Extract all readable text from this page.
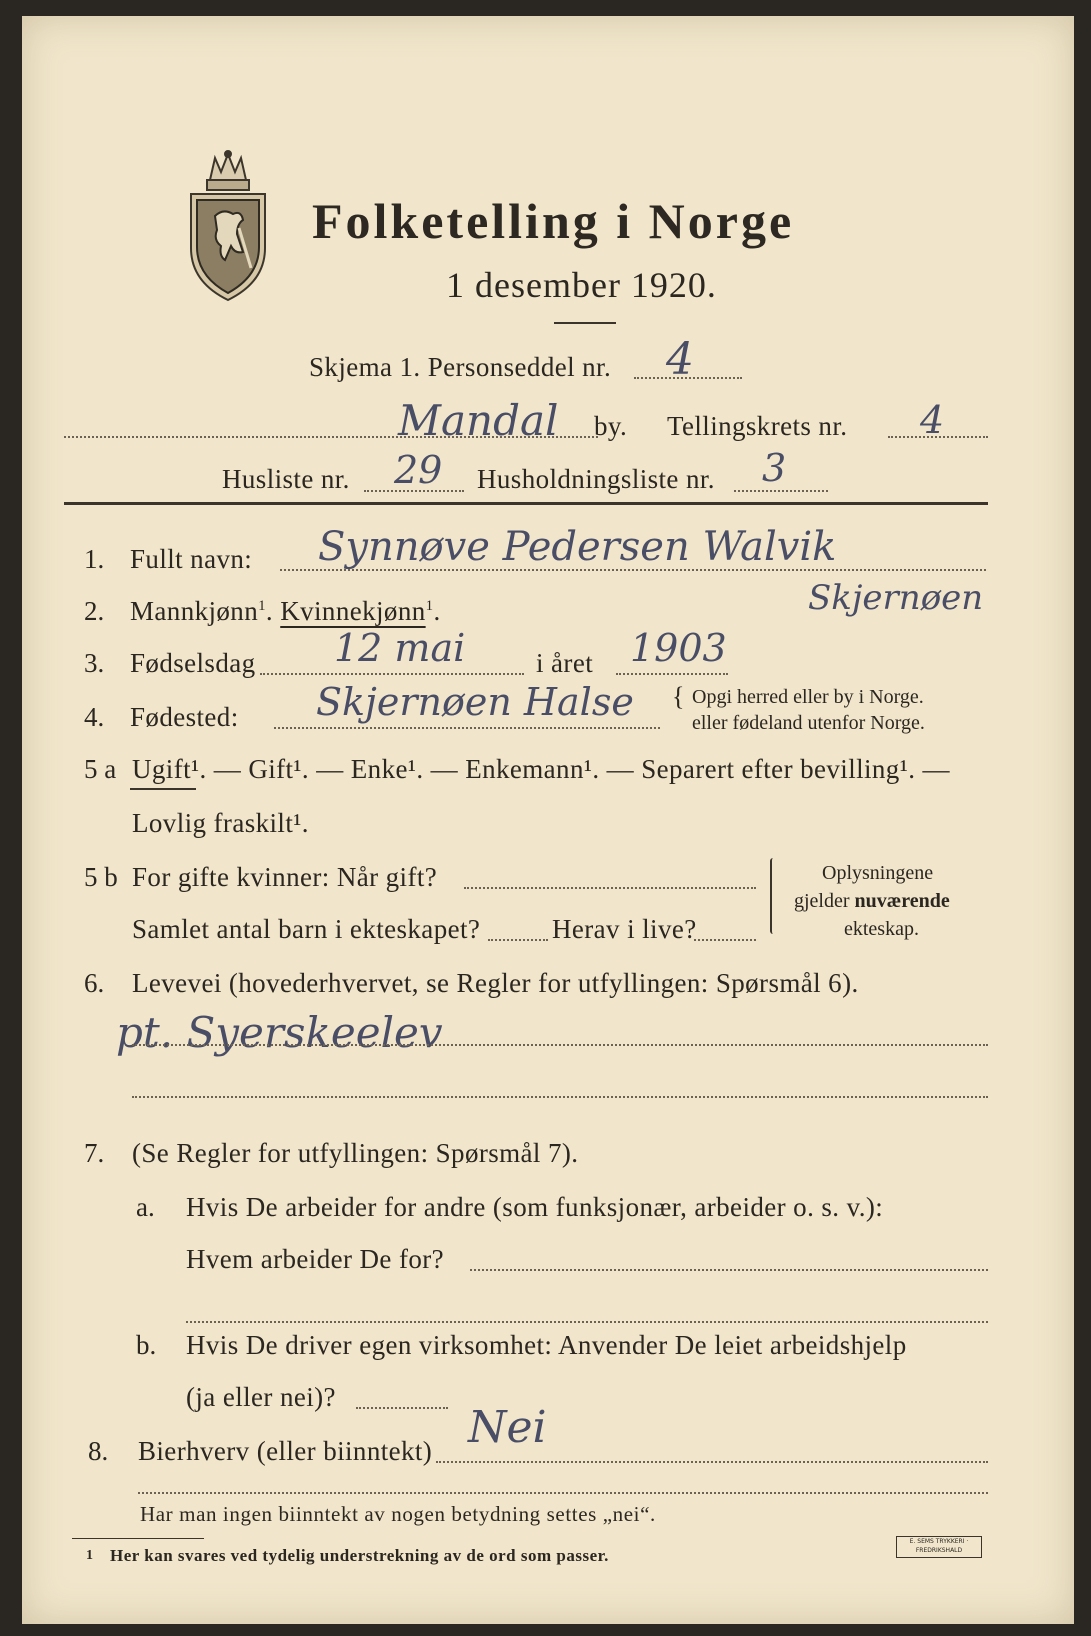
Folketelling i Norge
1 desember 1920.
Skjema 1. Personseddel nr. 4
Mandal by. Tellingskrets nr. 4
Husliste nr. 29 Husholdningsliste nr. 3
1. Fullt navn: Synnøve Pedersen Walvik
Skjernøen
2. Mannkjønn$^1$. Kvinnekjønn$^1$.
3. Fødselsdag 12 mai	i året 1903
4. Fødested: Skjernøen Halse { Opgi herred eller by i Norge.
eller fødeland utenfor Norge.
5 a Ugift¹. — Gift¹. — Enke¹. — Enkemann¹. — Separert efter bevilling¹. —
Lovlig fraskilt¹.
5 b For gifte kvinner: Når gift?
Samlet antal barn i ekteskapet?	Herav i live?
Oplysningene
gjelder nuværende
ekteskap.
6. Levevei (hovederhvervet, se Regler for utfyllingen: Spørsmål 6).
pt. Syerskeelev
7. (Se Regler for utfyllingen: Spørsmål 7).
a. Hvis De arbeider for andre (som funksjonær, arbeider o. s. v.):
Hvem arbeider De for?
b. Hvis De driver egen virksomhet: Anvender De leiet arbeidshjelp
(ja eller nei)?
8. Bierhverv (eller biinntekt) Nei
Har man ingen biinntekt av nogen betydning settes „nei“.
1 Her kan svares ved tydelig understrekning av de ord som passer.
E. SEMS TRYKKERI · FREDRIKSHALD
